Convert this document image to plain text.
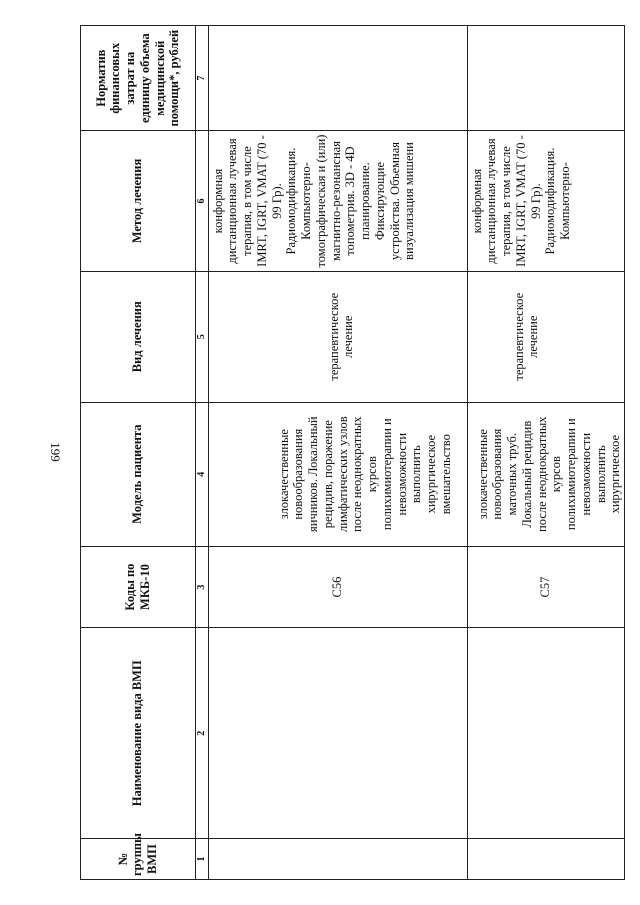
199
№ группы ВМП	Наименование вида ВМП	Коды по МКБ-10	Модель пациента	Вид лечения	Метод лечения	Норматив финансовых затрат на единицу объема медицинской помощи*, рублей
1	2	3	4	5	6	7
		C56	злокачественные новообразования яичников. Локальный рецидив, поражение лимфатических узлов после неоднократных курсов полихимиотерапии и невозможности выполнить хирургическое вмешательство	терапевтическое лечение	конформная дистанционная лучевая терапия, в том числе IMRT, IGRT, VMAT (70 - 99 Гр). Радиомодификация. Компьютерно-томографическая и (или) магнитно-резонансная топометрия. 3D - 4D планирование. Фиксирующие устройства. Объемная визуализация мишени	
		C57	злокачественные новообразования маточных труб. Локальный рецидив после неоднократных курсов полихимиотерапии и невозможности выполнить хирургическое	терапевтическое лечение	конформная дистанционная лучевая терапия, в том числе IMRT, IGRT, VMAT (70 - 99 Гр). Радиомодификация. Компьютерно-	
